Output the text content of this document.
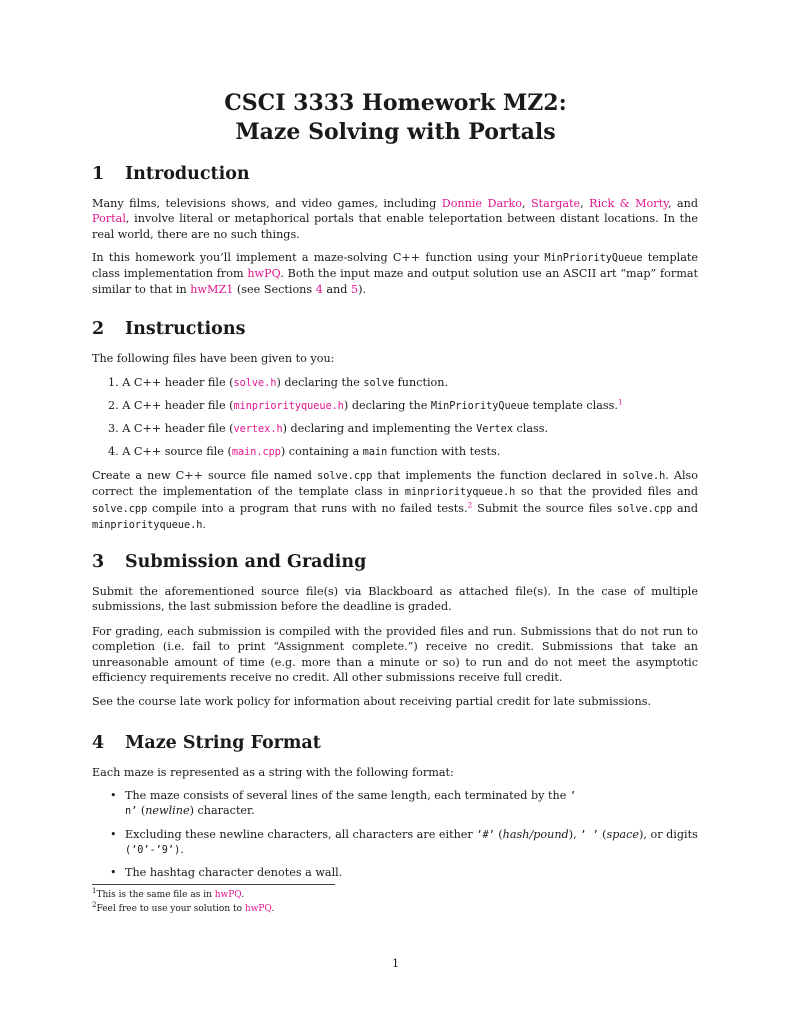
CSCI 3333 Homework MZ2:
Maze Solving with Portals
1 Introduction
Many films, televisions shows, and video games, including Donnie Darko, Stargate, Rick & Morty, and Portal, involve literal or metaphorical portals that enable teleportation between distant locations. In the real world, there are no such things.
In this homework you’ll implement a maze-solving C++ function using your MinPriorityQueue template class implementation from hwPQ. Both the input maze and output solution use an ASCII art “map” format similar to that in hwMZ1 (see Sections 4 and 5).
2 Instructions
The following files have been given to you:
1. A C++ header file (solve.h) declaring the solve function.
2. A C++ header file (minpriorityqueue.h) declaring the MinPriorityQueue template class.$^1$
3. A C++ header file (vertex.h) declaring and implementing the Vertex class.
4. A C++ source file (main.cpp) containing a main function with tests.
Create a new C++ source file named solve.cpp that implements the function declared in solve.h. Also correct the implementation of the template class in minpriorityqueue.h so that the provided files and solve.cpp compile into a program that runs with no failed tests.$^2$ Submit the source files solve.cpp and minpriorityqueue.h.
3 Submission and Grading
Submit the aforementioned source file(s) via Blackboard as attached file(s). In the case of multiple submissions, the last submission before the deadline is graded.
For grading, each submission is compiled with the provided files and run. Submissions that do not run to completion (i.e. fail to print “Assignment complete.”) receive no credit. Submissions that take an unreasonable amount of time (e.g. more than a minute or so) to run and do not meet the asymptotic efficiency requirements receive no credit. All other submissions receive full credit.
See the course late work policy for information about receiving partial credit for late submissions.
4 Maze String Format
Each maze is represented as a string with the following format:
• The maze consists of several lines of the same length, each terminated by the ’
n’ (newline) character.
• Excluding these newline characters, all characters are either ’#’ (hash/pound), ’ ’ (space), or digits
(’0’-’9’).
• The hashtag character denotes a wall.
$^1$This is the same file as in hwPQ.
$^2$Feel free to use your solution to hwPQ.
1
